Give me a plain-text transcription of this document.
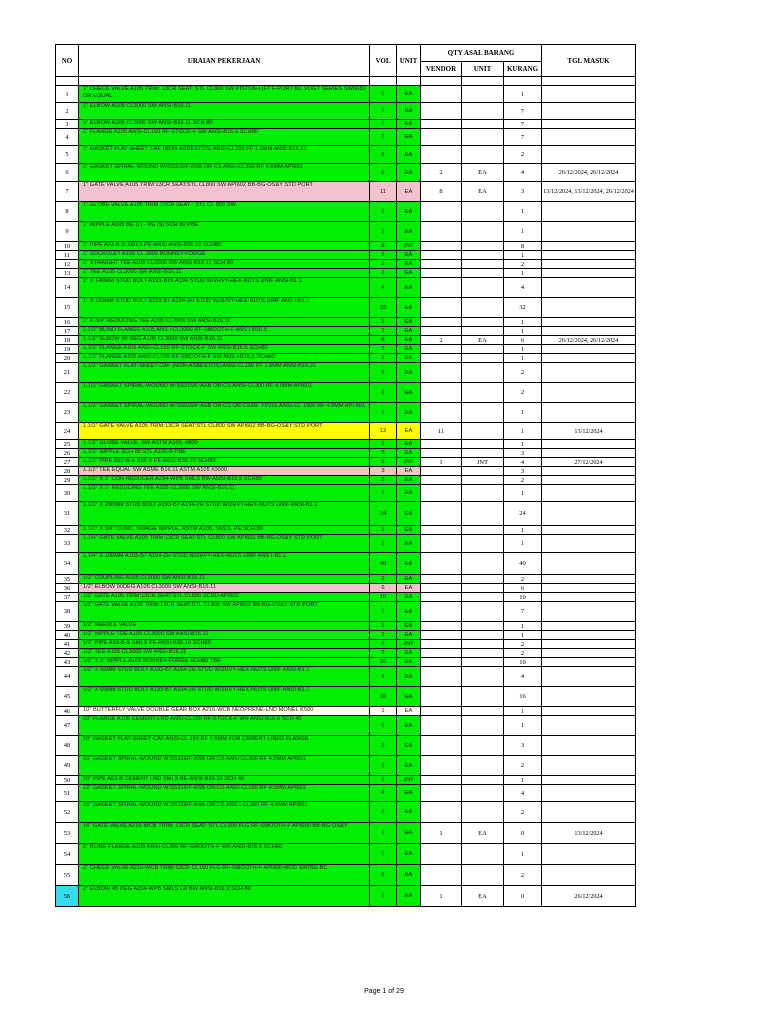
NO	URAIAN PEKERJAAN	VOL	UNIT	QTY ASAL BARANG			TGL MASUK
				VENDOR	UNIT	KURANG	

1	1" CHECK VALVE A105 TRIM: 13CR SEAT: STL CL800 SW PISTON-LIFT F-PORT BC VOGT SERIES SW6083 OR EQUAL	1	EA			1	
2	1" ELBOW A105 CL3000 SW ANSI-B16.11	7	EA			7	
3	1" ELBOW A105 CL3000 SW ANSI-B16.11 SCH 80	7	EA			7	
4	1" FLANGE A105 ANSI-CL150 RF-STOCK-F SW ANSI-B16.5 SCH80	7	EA			7	
5	1" GASKET FLAT-SHEET CAF (NON-ASBESTOS) ANSI-CL150 FF 1.5MM ANSI-B16.21	2	EA			2	
6	1" GASKET SPIRAL-WOUND W/SS316/F:ASB OR CS ANSI-CL300 RF 4.5MM API601	6	EA	2	EA	4	26/12/2024, 26/12/2024
7	1" GATE VALVE A105 TRIM:13CR SEAT:STL CL800 SW API602 BB-BG-OS&Y STD PORT	11	EA	8	EA	3	13/12/2024, 13/12/2024, 26/12/2024
8	1" GLOBE VALVE A105 TRIM 13CR SEAT : STL CL 800 SW	1	EA			1	
9	1" NIPPLE A105 BE (L) - PE (S) SCH 80 PBE	1	EA			1	
10	1" PIPE A53-B-S SMLS PE-ANSI ANSI-B36.10 SCH80	8	JNT			8	
11	1" SOCKOLET A105 CL.3000 BONNEY-FORGE	1	EA			1	
12	1" STRAIGHT TEE A105 CL3000 SW ANSI-B16.11 SCH 80	2	EA			2	
13	1" TEE A105 CL3000 SW ANSI-B16.11	1	EA			1	
14	1" X 140MM STUD BOLT A193-B16 A194 STUD W/2HVY-HEX-NUTS UNIF ANSI-B1.1	4	EA			4	
15	1" X 160MM STUD BOLT A193-B7 A194-2H STUD W/2HVY-HEX-NUTS UNIF ANS I-B1.1	32	EA			32	
16	1" X 3/4" REDUCING TEE A105 CL3000 SW ANSI-B16.11	1	EA			1	
17	1.1/2" BLIND FLANGE A105 ANS I-CL3000 RF-SMOOTH-F ANS I-B16.5	1	EA			1	
18	1.1/2" ELBOW 90 DEG A105 CL3000 SW ANSI-B16.11	8	EA	2	EA	6	26/12/2024, 26/12/2024
19	1.1/2" FLANGE A105 ANSI-CL150 RF-STOCK-F SW ANSI-B16.5 SCH80	1	EA			1	
20	1.1/2" FLANGE A105 ANSI-CL300 RF-SMOOTH-F SW ANS I-B16.5 SCH80	1	EA			1	
21	1.1/2" GASKET FLAT-SHEET CAF (NON-ASBESTOS) ANSI-CL150 FF 1.5MM ANSI-B16.21	2	EA			2	
22	1.1/2" GASKET SPIRAL-WOUND W:SS316/F:ASB OR:CS ANSI-CL300 RF 4.5MM API601	2	EA			2	
23	1.1/2" GASKET SPIRAL-WOUND W:SS316/F:ASB OR:CS OR:CS/IR: TP316 ANSI-CL 1500 RF 4.5MM API 601	1	EA			1	
24	1.1/2" GATE VALVE A105 TRIM:13CR SEAT:STL CL800 SW API602 BB-BG-OS&Y STD PORT	12	EA	11		1	13/12/2024
25	1.1/2" GLOBE VALVE, SW ASTM A105, #800	1	EA			1	
26	1.1/2" NIPPLE SCH 80 STL A106-B PBE	3	EA			3	
27	1.1/2" PIPE A53-B-S SMLS PE ANSI-B36.10 SCH80	5	JNT	1	JNT	4	27/12/2024
28	1.1/2" TEE EQUAL SW ASME B16.11 ASTM A105 #3000	3	EA			3	
29	1.1/2" X 1" CON REDUCER A234-WPB SMLS BW ANSI-B16.9 SCH80	2	EA			2	
30	1.1/2" X 1" REDUCING TEE A105 CL3000 SW ANSI-B16.11	1	EA			1	
31	1.1/2" X 200MM STUD BOLT A193-B7 A194-2H STUD W/2HVY-HEX-NUTS UNIF ANSI-B1.1	24	EA			24	
32	1.1/2" X 3/4" CONC. SWAGE NIPPLE, ASTM A105, SMLS, PE SCH.80	1	EA			1	
33	1.1/4" GATE VALVE A105 TRIM:13CR SEAT:STL CL800 SW API602 BB-BG-OS&Y STD PORT	1	EA			1	
34	1.1/4" X 190MM A193-B7 A194-2H STUD W/2HVY-HEX-NUTS UNIF ANS I-B1.1	40	EA			40	
35	1/2" COUPLING A105 CL3000 SW ANSI-B16.11	2	EA			2	
36	1/2" ELBOW 90DEG A105 CL3000 SW ANSI-B16.11	6	EA			6	
37	1/2" GATE A105 TRIM:13CR SEAT:STL CL800 SCRD API602	10	EA			10	
38	1/2" GATE VALVE A105 TRIM:13CR SEAT:STL CL800 SW API602 BB-BG-OS&Y STD PORT	7	EA			7	
39	1/2" NEEDLE VALVE	1	EA			1	
40	1/2" NIPPLE TOE A105 CL3000 SW ANSI-B16.11	1	EA			1	
41	1/2" PIPE A53-B-S SMLS PE ANSI-B36.10 SCH80	2	JNT			2	
42	1/2" TEE A105 CL3000 SW ANSI-B16.11	2	EA			2	
43	1/2" X 3" NIPPLE A105 BONNEY-FORGE SCH80 TBE	10	EA			10	
44	1/2" X 55MM STUD BOLT A193-B7 A194-2H STUD W/2HVY-HEX-NUTS UNIF ANSI-B1.1	4	EA			4	
45	1/2" X 65MM STUD BOLT A193-B7 A194-2H STUD W/2HVY-HEX-NUTS UNIF ANSI-B1.1	16	EA			16	
46	10" BUTTERFLY VALVE DOUBLE GEAR BOX A216-WCB NEOPRENE-LND MONEL K500	1	EA			1	
47	10" FLANGE A105 CEMENT-LND ANSI-CL150 RF-STOCK-F WN ANSI-B16.5 SCH 40	1	EA			1	
48	10" GASKET FLAT-SHEET CAF ANSI-CL 150 RF 1.5MM FOR CEMENT LINED FLANGE	3	EA			3	
49	10" GASKET SPIRAL-WOUND W:SS316/F:ASB OR:CS ANSI-CL300 RF 4.5MM API601	2	EA			2	
50	10" PIPE A53-B CEMENT LND SMLS BE-ANSI-B36.10 SCH 40	1	JNT			1	
51	12" GASKET SPIRAL-WOUND W:SS316/F:ASB OR:CS ANSI-CL150 RF 4.5MM API601	4	EA			4	
52	16" GASKET SPIRAL-WOUND W:SS316/F:ASB OR:CS ANS I-CL300 RF 4.5MM API601	2	EA			2	
53	16" GATE VALVE A216-WCB TRIM: 13CR SEAT: STL CL300 FLG RF-SMOOTH-F API600 BB-BG-OS&Y	1	EA	1	EA	0	13/12/2024
54	2" BLIND FLANGE A105 ANSI-CL300 RF-SMOOTH-F WN ANSI-B16.5 SCH80	1	EA			1	
55	2" CHECK VALVE A216-WCB TRIM:13CR CL150 FLG RF-SMOOTH-F API600-MOD SWING BC	2	EA			2	
56	2" ELBOW 45 DEG A234-WPB SMLS LR BW ANSI-B16.9 SCH 80	1	EA	1	EA	0	26/12/2024
Page 1 of 29
